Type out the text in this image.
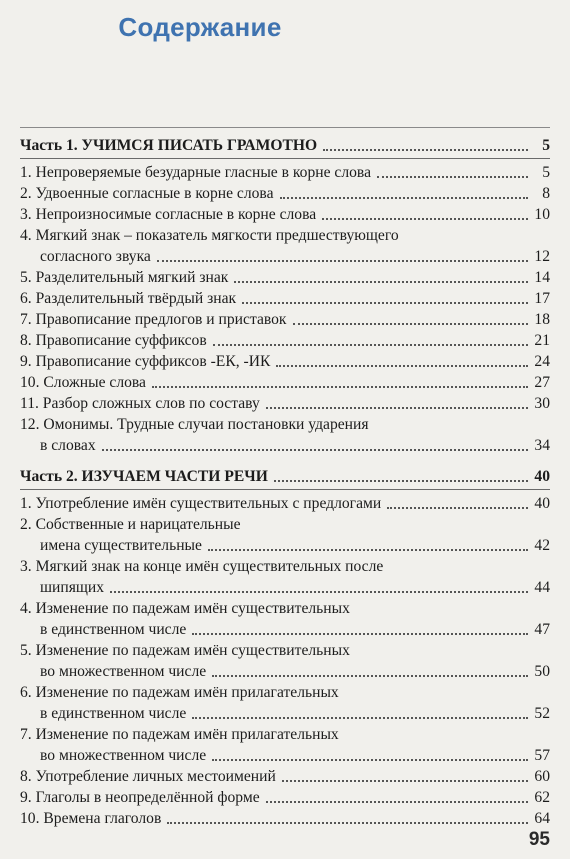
Содержание
Часть 1. УЧИМСЯ ПИСАТЬ ГРАМОТНО	5
1. Непроверяемые безударные гласные в корне слова	5
2. Удвоенные согласные в корне слова	8
3. Непроизносимые согласные в корне слова	10
4. Мягкий знак – показатель мягкости предшествующего
согласного звука	12
5. Разделительный мягкий знак	14
6. Разделительный твёрдый знак	17
7. Правописание предлогов и приставок	18
8. Правописание суффиксов	21
9. Правописание суффиксов -ЕК, -ИК	24
10. Сложные слова	27
11. Разбор сложных слов по составу	30
12. Омонимы. Трудные случаи постановки ударения
в словах	34
Часть 2. ИЗУЧАЕМ ЧАСТИ РЕЧИ	40
1. Употребление имён существительных с предлогами	40
2. Собственные и нарицательные
имена существительные	42
3. Мягкий знак на конце имён существительных после
шипящих	44
4. Изменение по падежам имён существительных
в единственном числе	47
5. Изменение по падежам имён существительных
во множественном числе	50
6. Изменение по падежам имён прилагательных
в единственном числе	52
7. Изменение по падежам имён прилагательных
во множественном числе	57
8. Употребление личных местоимений	60
9. Глаголы в неопределённой форме	62
10. Времена глаголов	64
95
